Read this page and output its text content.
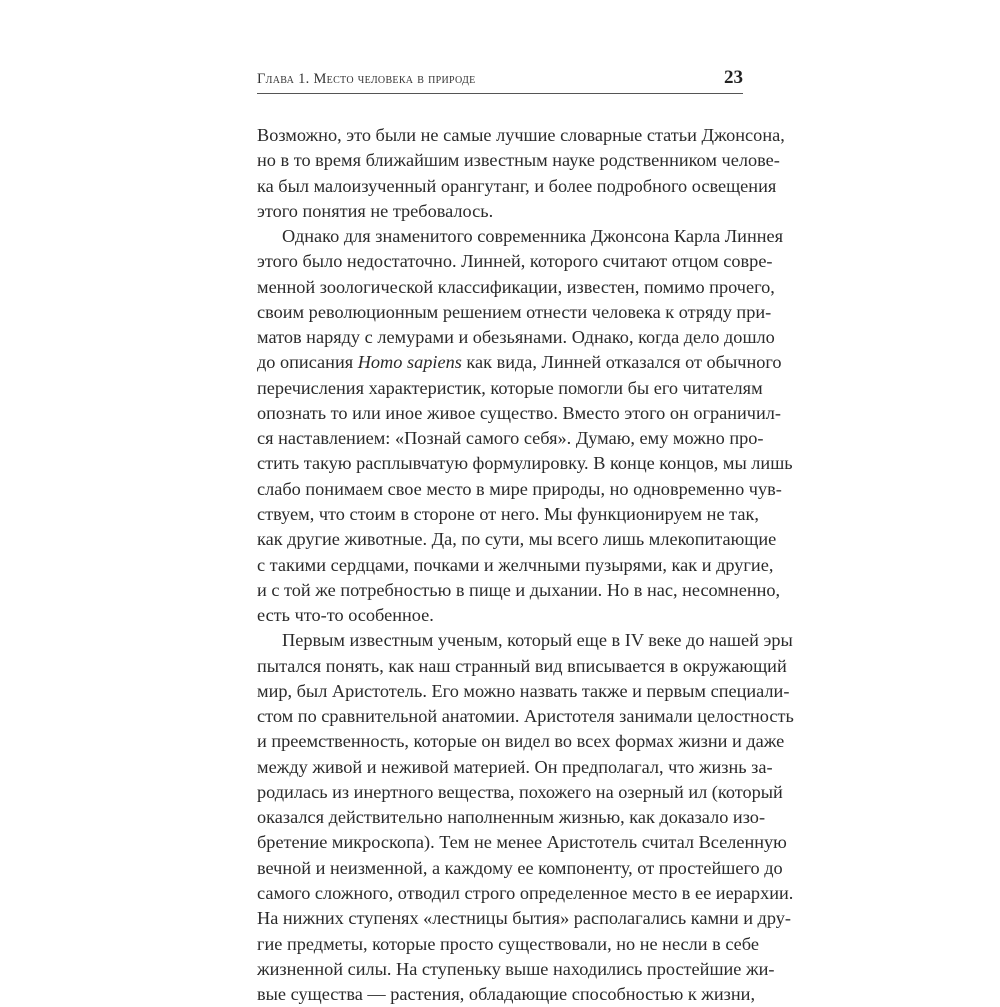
Глава 1. Место человека в природе	23
Возможно, это были не самые лучшие словарные статьи Джонсона,
но в то время ближайшим известным науке родственником челове-
ка был малоизученный орангутанг, и более подробного освещения
этого понятия не требовалось.
Однако для знаменитого современника Джонсона Карла Линнея
этого было недостаточно. Линней, которого считают отцом совре-
менной зоологической классификации, известен, помимо прочего,
своим революционным решением отнести человека к отряду при-
матов наряду с лемурами и обезьянами. Однако, когда дело дошло
до описания Homo sapiens как вида, Линней отказался от обычного
перечисления характеристик, которые помогли бы его читателям
опознать то или иное живое существо. Вместо этого он ограничил-
ся наставлением: «Познай самого себя». Думаю, ему можно про-
стить такую расплывчатую формулировку. В конце концов, мы лишь
слабо понимаем свое место в мире природы, но одновременно чув-
ствуем, что стоим в стороне от него. Мы функционируем не так,
как другие животные. Да, по сути, мы всего лишь млекопитающие
с такими сердцами, почками и желчными пузырями, как и другие,
и с той же потребностью в пище и дыхании. Но в нас, несомненно,
есть что-то особенное.
Первым известным ученым, который еще в IV веке до нашей эры
пытался понять, как наш странный вид вписывается в окружающий
мир, был Аристотель. Его можно назвать также и первым специали-
стом по сравнительной анатомии. Аристотеля занимали целостность
и преемственность, которые он видел во всех формах жизни и даже
между живой и неживой материей. Он предполагал, что жизнь за-
родилась из инертного вещества, похожего на озерный ил (который
оказался действительно наполненным жизнью, как доказало изо-
бретение микроскопа). Тем не менее Аристотель считал Вселенную
вечной и неизменной, а каждому ее компоненту, от простейшего до
самого сложного, отводил строго определенное место в ее иерархии.
На нижних ступенях «лестницы бытия» располагались камни и дру-
гие предметы, которые просто существовали, но не несли в себе
жизненной силы. На ступеньку выше находились простейшие жи-
вые существа — растения, обладающие способностью к жизни,
